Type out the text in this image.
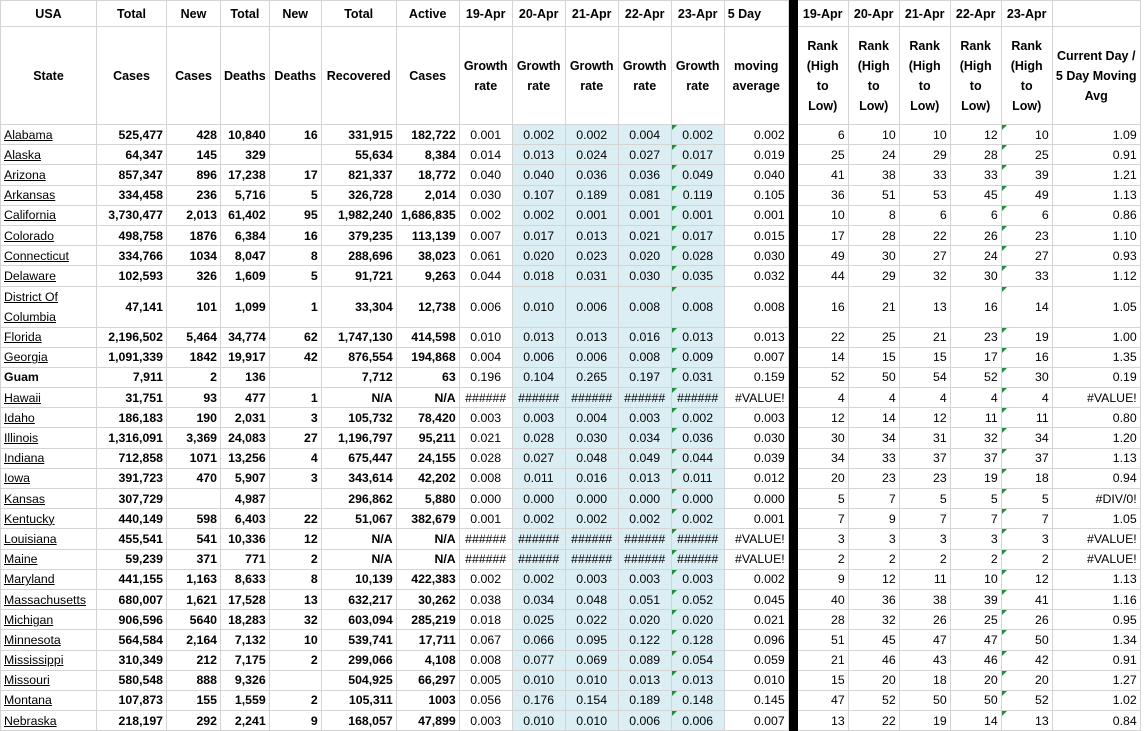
USA	Total	New	Total	New	Total	Active	19-Apr	20-Apr	21-Apr	22-Apr	23-Apr	5 Day		19-Apr	20-Apr	21-Apr	22-Apr	23-Apr	
State	Cases	Cases	Deaths	Deaths	Recovered	Cases	Growth rate	Growth rate	Growth rate	Growth rate	Growth rate	moving average		Rank (High to Low)	Rank (High to Low)	Rank (High to Low)	Rank (High to Low)	Rank (High to Low)	Current Day / 5 Day Moving Avg
Alabama	525,477	428	10,840	16	331,915	182,722	0.001	0.002	0.002	0.004	0.002	0.002		6	10	10	12	10	1.09
Alaska	64,347	145	329		55,634	8,384	0.014	0.013	0.024	0.027	0.017	0.019		25	24	29	28	25	0.91
Arizona	857,347	896	17,238	17	821,337	18,772	0.040	0.040	0.036	0.036	0.049	0.040		41	38	33	33	39	1.21
Arkansas	334,458	236	5,716	5	326,728	2,014	0.030	0.107	0.189	0.081	0.119	0.105		36	51	53	45	49	1.13
California	3,730,477	2,013	61,402	95	1,982,240	1,686,835	0.002	0.002	0.001	0.001	0.001	0.001		10	8	6	6	6	0.86
Colorado	498,758	1876	6,384	16	379,235	113,139	0.007	0.017	0.013	0.021	0.017	0.015		17	28	22	26	23	1.10
Connecticut	334,766	1034	8,047	8	288,696	38,023	0.061	0.020	0.023	0.020	0.028	0.030		49	30	27	24	27	0.93
Delaware	102,593	326	1,609	5	91,721	9,263	0.044	0.018	0.031	0.030	0.035	0.032		44	29	32	30	33	1.12
District Of Columbia	47,141	101	1,099	1	33,304	12,738	0.006	0.010	0.006	0.008	0.008	0.008		16	21	13	16	14	1.05
Florida	2,196,502	5,464	34,774	62	1,747,130	414,598	0.010	0.013	0.013	0.016	0.013	0.013		22	25	21	23	19	1.00
Georgia	1,091,339	1842	19,917	42	876,554	194,868	0.004	0.006	0.006	0.008	0.009	0.007		14	15	15	17	16	1.35
Guam	7,911	2	136		7,712	63	0.196	0.104	0.265	0.197	0.031	0.159		52	50	54	52	30	0.19
Hawaii	31,751	93	477	1	N/A	N/A	######	######	######	######	######	#VALUE!		4	4	4	4	4	#VALUE!
Idaho	186,183	190	2,031	3	105,732	78,420	0.003	0.003	0.004	0.003	0.002	0.003		12	14	12	11	11	0.80
Illinois	1,316,091	3,369	24,083	27	1,196,797	95,211	0.021	0.028	0.030	0.034	0.036	0.030		30	34	31	32	34	1.20
Indiana	712,858	1071	13,256	4	675,447	24,155	0.028	0.027	0.048	0.049	0.044	0.039		34	33	37	37	37	1.13
Iowa	391,723	470	5,907	3	343,614	42,202	0.008	0.011	0.016	0.013	0.011	0.012		20	23	23	19	18	0.94
Kansas	307,729		4,987		296,862	5,880	0.000	0.000	0.000	0.000	0.000	0.000		5	7	5	5	5	#DIV/0!
Kentucky	440,149	598	6,403	22	51,067	382,679	0.001	0.002	0.002	0.002	0.002	0.001		7	9	7	7	7	1.05
Louisiana	455,541	541	10,336	12	N/A	N/A	######	######	######	######	######	#VALUE!		3	3	3	3	3	#VALUE!
Maine	59,239	371	771	2	N/A	N/A	######	######	######	######	######	#VALUE!		2	2	2	2	2	#VALUE!
Maryland	441,155	1,163	8,633	8	10,139	422,383	0.002	0.002	0.003	0.003	0.003	0.002		9	12	11	10	12	1.13
Massachusetts	680,007	1,621	17,528	13	632,217	30,262	0.038	0.034	0.048	0.051	0.052	0.045		40	36	38	39	41	1.16
Michigan	906,596	5640	18,283	32	603,094	285,219	0.018	0.025	0.022	0.020	0.020	0.021		28	32	26	25	26	0.95
Minnesota	564,584	2,164	7,132	10	539,741	17,711	0.067	0.066	0.095	0.122	0.128	0.096		51	45	47	47	50	1.34
Mississippi	310,349	212	7,175	2	299,066	4,108	0.008	0.077	0.069	0.089	0.054	0.059		21	46	43	46	42	0.91
Missouri	580,548	888	9,326		504,925	66,297	0.005	0.010	0.010	0.013	0.013	0.010		15	20	18	20	20	1.27
Montana	107,873	155	1,559	2	105,311	1003	0.056	0.176	0.154	0.189	0.148	0.145		47	52	50	50	52	1.02
Nebraska	218,197	292	2,241	9	168,057	47,899	0.003	0.010	0.010	0.006	0.006	0.007		13	22	19	14	13	0.84
